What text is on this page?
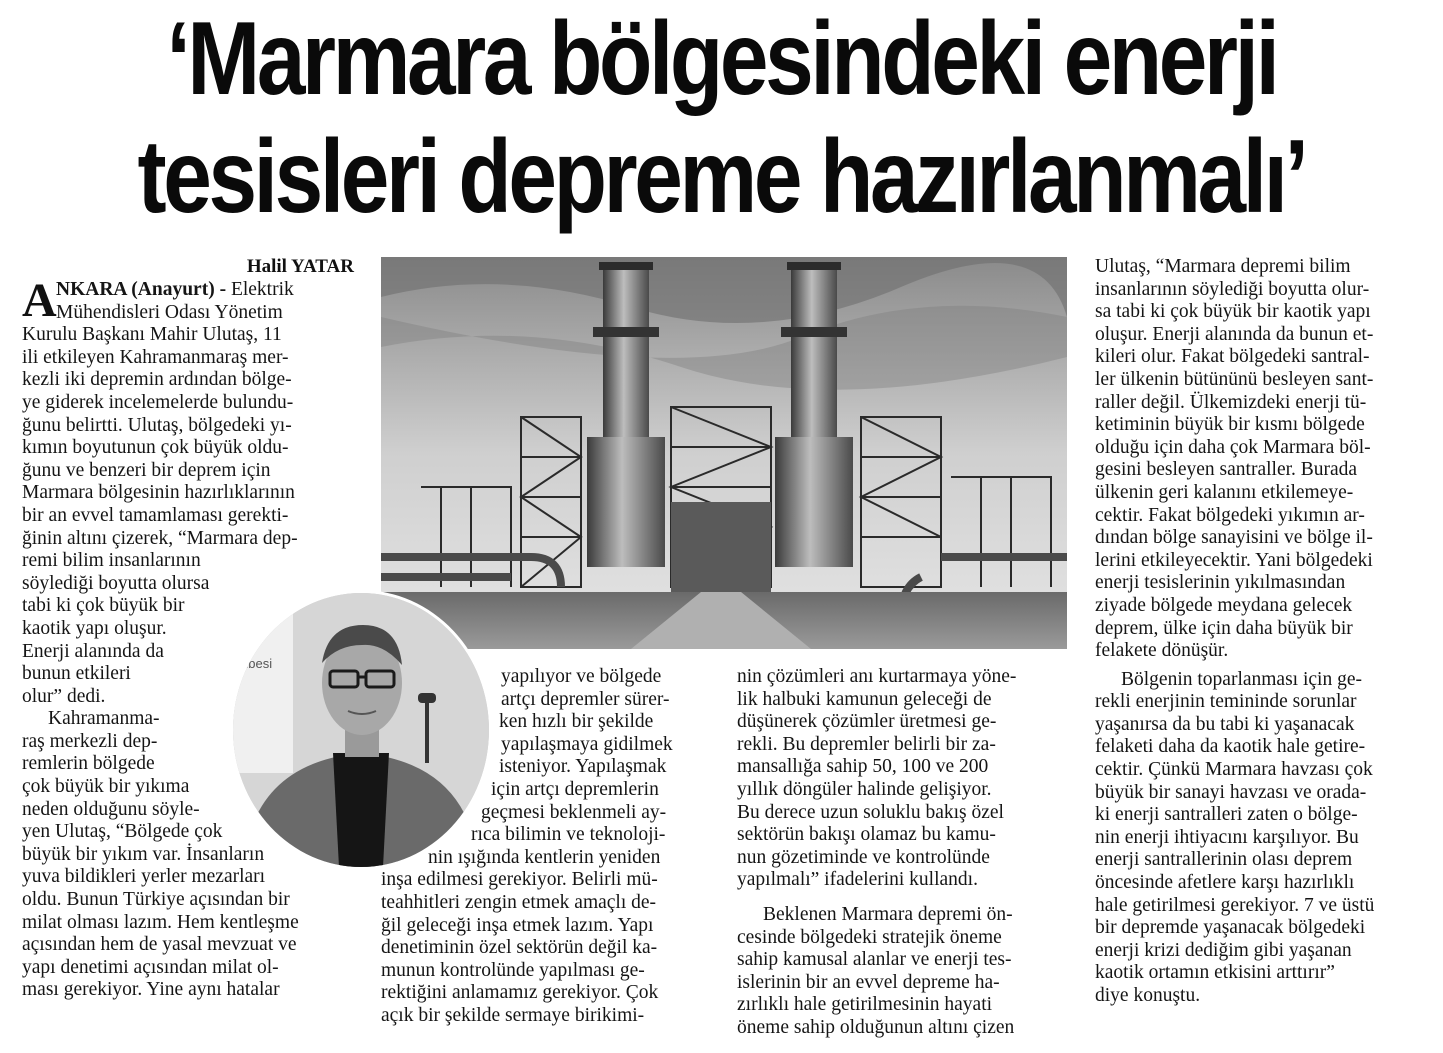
‘Marmara bölgesindeki enerji
tesisleri depreme hazırlanmalı’
Halil YATAR
A
ubesi
NKARA (Anayurt) - Elektrik
Mühendisleri Odası Yönetim
Kurulu Başkanı Mahir Ulutaş, 11
ili etkileyen Kahramanmaraş mer-
kezli iki depremin ardından bölge-
ye giderek incelemelerde bulundu-
ğunu belirtti. Ulutaş, bölgedeki yı-
kımın boyutunun çok büyük oldu-
ğunu ve benzeri bir deprem için
Marmara bölgesinin hazırlıklarının
bir an evvel tamamlaması gerekti-
ğinin altını çizerek, “Marmara dep-
remi bilim insanlarının
söylediği boyutta olursa
tabi ki çok büyük bir
kaotik yapı oluşur.
Enerji alanında da
bunun etkileri
olur” dedi.
Kahramanma-
raş merkezli dep-
remlerin bölgede
çok büyük bir yıkıma
neden olduğunu söyle-
yen Ulutaş, “Bölgede çok
büyük bir yıkım var. İnsanların
yuva bildikleri yerler mezarları
oldu. Bunun Türkiye açısından bir
milat olması lazım. Hem kentleşme
açısından hem de yasal mevzuat ve
yapı denetimi açısından milat ol-
ması gerekiyor. Yine aynı hatalar
yapılıyor ve bölgede
artçı depremler sürer-
ken hızlı bir şekilde
yapılaşmaya gidilmek
isteniyor. Yapılaşmak
için artçı depremlerin
geçmesi beklenmeli ay-
rıca bilimin ve teknoloji-
nin ışığında kentlerin yeniden
inşa edilmesi gerekiyor. Belirli mü-
teahhitleri zengin etmek amaçlı de-
ğil geleceği inşa etmek lazım. Yapı
denetiminin özel sektörün değil ka-
munun kontrolünde yapılması ge-
rektiğini anlamamız gerekiyor. Çok
açık bir şekilde sermaye birikimi-
nin çözümleri anı kurtarmaya yöne-
lik halbuki kamunun geleceği de
düşünerek çözümler üretmesi ge-
rekli. Bu depremler belirli bir za-
mansallığa sahip 50, 100 ve 200
yıllık döngüler halinde gelişiyor.
Bu derece uzun soluklu bakış özel
sektörün bakışı olamaz bu kamu-
nun gözetiminde ve kontrolünde
yapılmalı” ifadelerini kullandı.
Beklenen Marmara depremi ön-
cesinde bölgedeki stratejik öneme
sahip kamusal alanlar ve enerji tes-
islerinin bir an evvel depreme ha-
zırlıklı hale getirilmesinin hayati
öneme sahip olduğunun altını çizen
Ulutaş, “Marmara depremi bilim
insanlarının söylediği boyutta olur-
sa tabi ki çok büyük bir kaotik yapı
oluşur. Enerji alanında da bunun et-
kileri olur. Fakat bölgedeki santral-
ler ülkenin bütününü besleyen sant-
raller değil. Ülkemizdeki enerji tü-
ketiminin büyük bir kısmı bölgede
olduğu için daha çok Marmara böl-
gesini besleyen santraller. Burada
ülkenin geri kalanını etkilemeye-
cektir. Fakat bölgedeki yıkımın ar-
dından bölge sanayisini ve bölge il-
lerini etkileyecektir. Yani bölgedeki
enerji tesislerinin yıkılmasından
ziyade bölgede meydana gelecek
deprem, ülke için daha büyük bir
felakete dönüşür.
Bölgenin toparlanması için ge-
rekli enerjinin temininde sorunlar
yaşanırsa da bu tabi ki yaşanacak
felaketi daha da kaotik hale getire-
cektir. Çünkü Marmara havzası çok
büyük bir sanayi havzası ve orada-
ki enerji santralleri zaten o bölge-
nin enerji ihtiyacını karşılıyor. Bu
enerji santrallerinin olası deprem
öncesinde afetlere karşı hazırlıklı
hale getirilmesi gerekiyor. 7 ve üstü
bir depremde yaşanacak bölgedeki
enerji krizi dediğim gibi yaşanan
kaotik ortamın etkisini arttırır”
diye konuştu.
